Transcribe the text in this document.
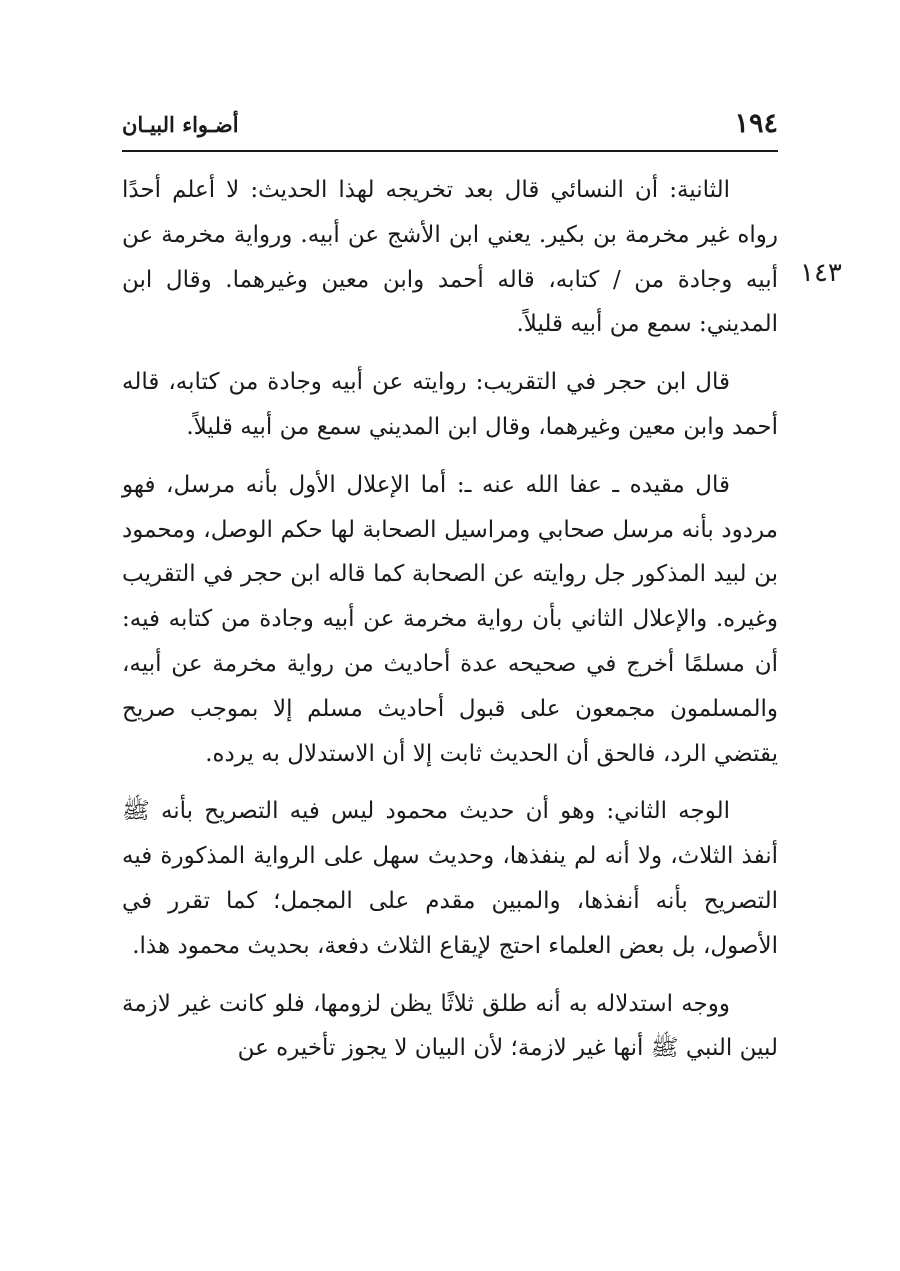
١٩٤
أضـواء البيـان
١٤٣

الثانية: أن النسائي قال بعد تخريجه لهذا الحديث: لا أعلم أحدًا رواه غير مخرمة بن بكير. يعني ابن الأشج عن أبيه. ورواية مخرمة عن أبيه وجادة من / كتابه، قاله أحمد وابن معين وغيرهما. وقال ابن المديني: سمع من أبيه قليلاً.

قال ابن حجر في التقريب: روايته عن أبيه وجادة من كتابه، قاله أحمد وابن معين وغيرهما، وقال ابن المديني سمع من أبيه قليلاً.

قال مقيده ـ عفا الله عنه ـ: أما الإعلال الأول بأنه مرسل، فهو مردود بأنه مرسل صحابي ومراسيل الصحابة لها حكم الوصل، ومحمود بن لبيد المذكور جل روايته عن الصحابة كما قاله ابن حجر في التقريب وغيره. والإعلال الثاني بأن رواية مخرمة عن أبيه وجادة من كتابه فيه: أن مسلمًا أخرج في صحيحه عدة أحاديث من رواية مخرمة عن أبيه، والمسلمون مجمعون على قبول أحاديث مسلم إلا بموجب صريح يقتضي الرد، فالحق أن الحديث ثابت إلا أن الاستدلال به يرده.

الوجه الثاني: وهو أن حديث محمود ليس فيه التصريح بأنه ﷺ أنفذ الثلاث، ولا أنه لم ينفذها، وحديث سهل على الرواية المذكورة فيه التصريح بأنه أنفذها، والمبين مقدم على المجمل؛ كما تقرر في الأصول، بل بعض العلماء احتج لإيقاع الثلاث دفعة، بحديث محمود هذا.

ووجه استدلاله به أنه طلق ثلاثًا يظن لزومها، فلو كانت غير لازمة لبين النبي ﷺ أنها غير لازمة؛ لأن البيان لا يجوز تأخيره عن
